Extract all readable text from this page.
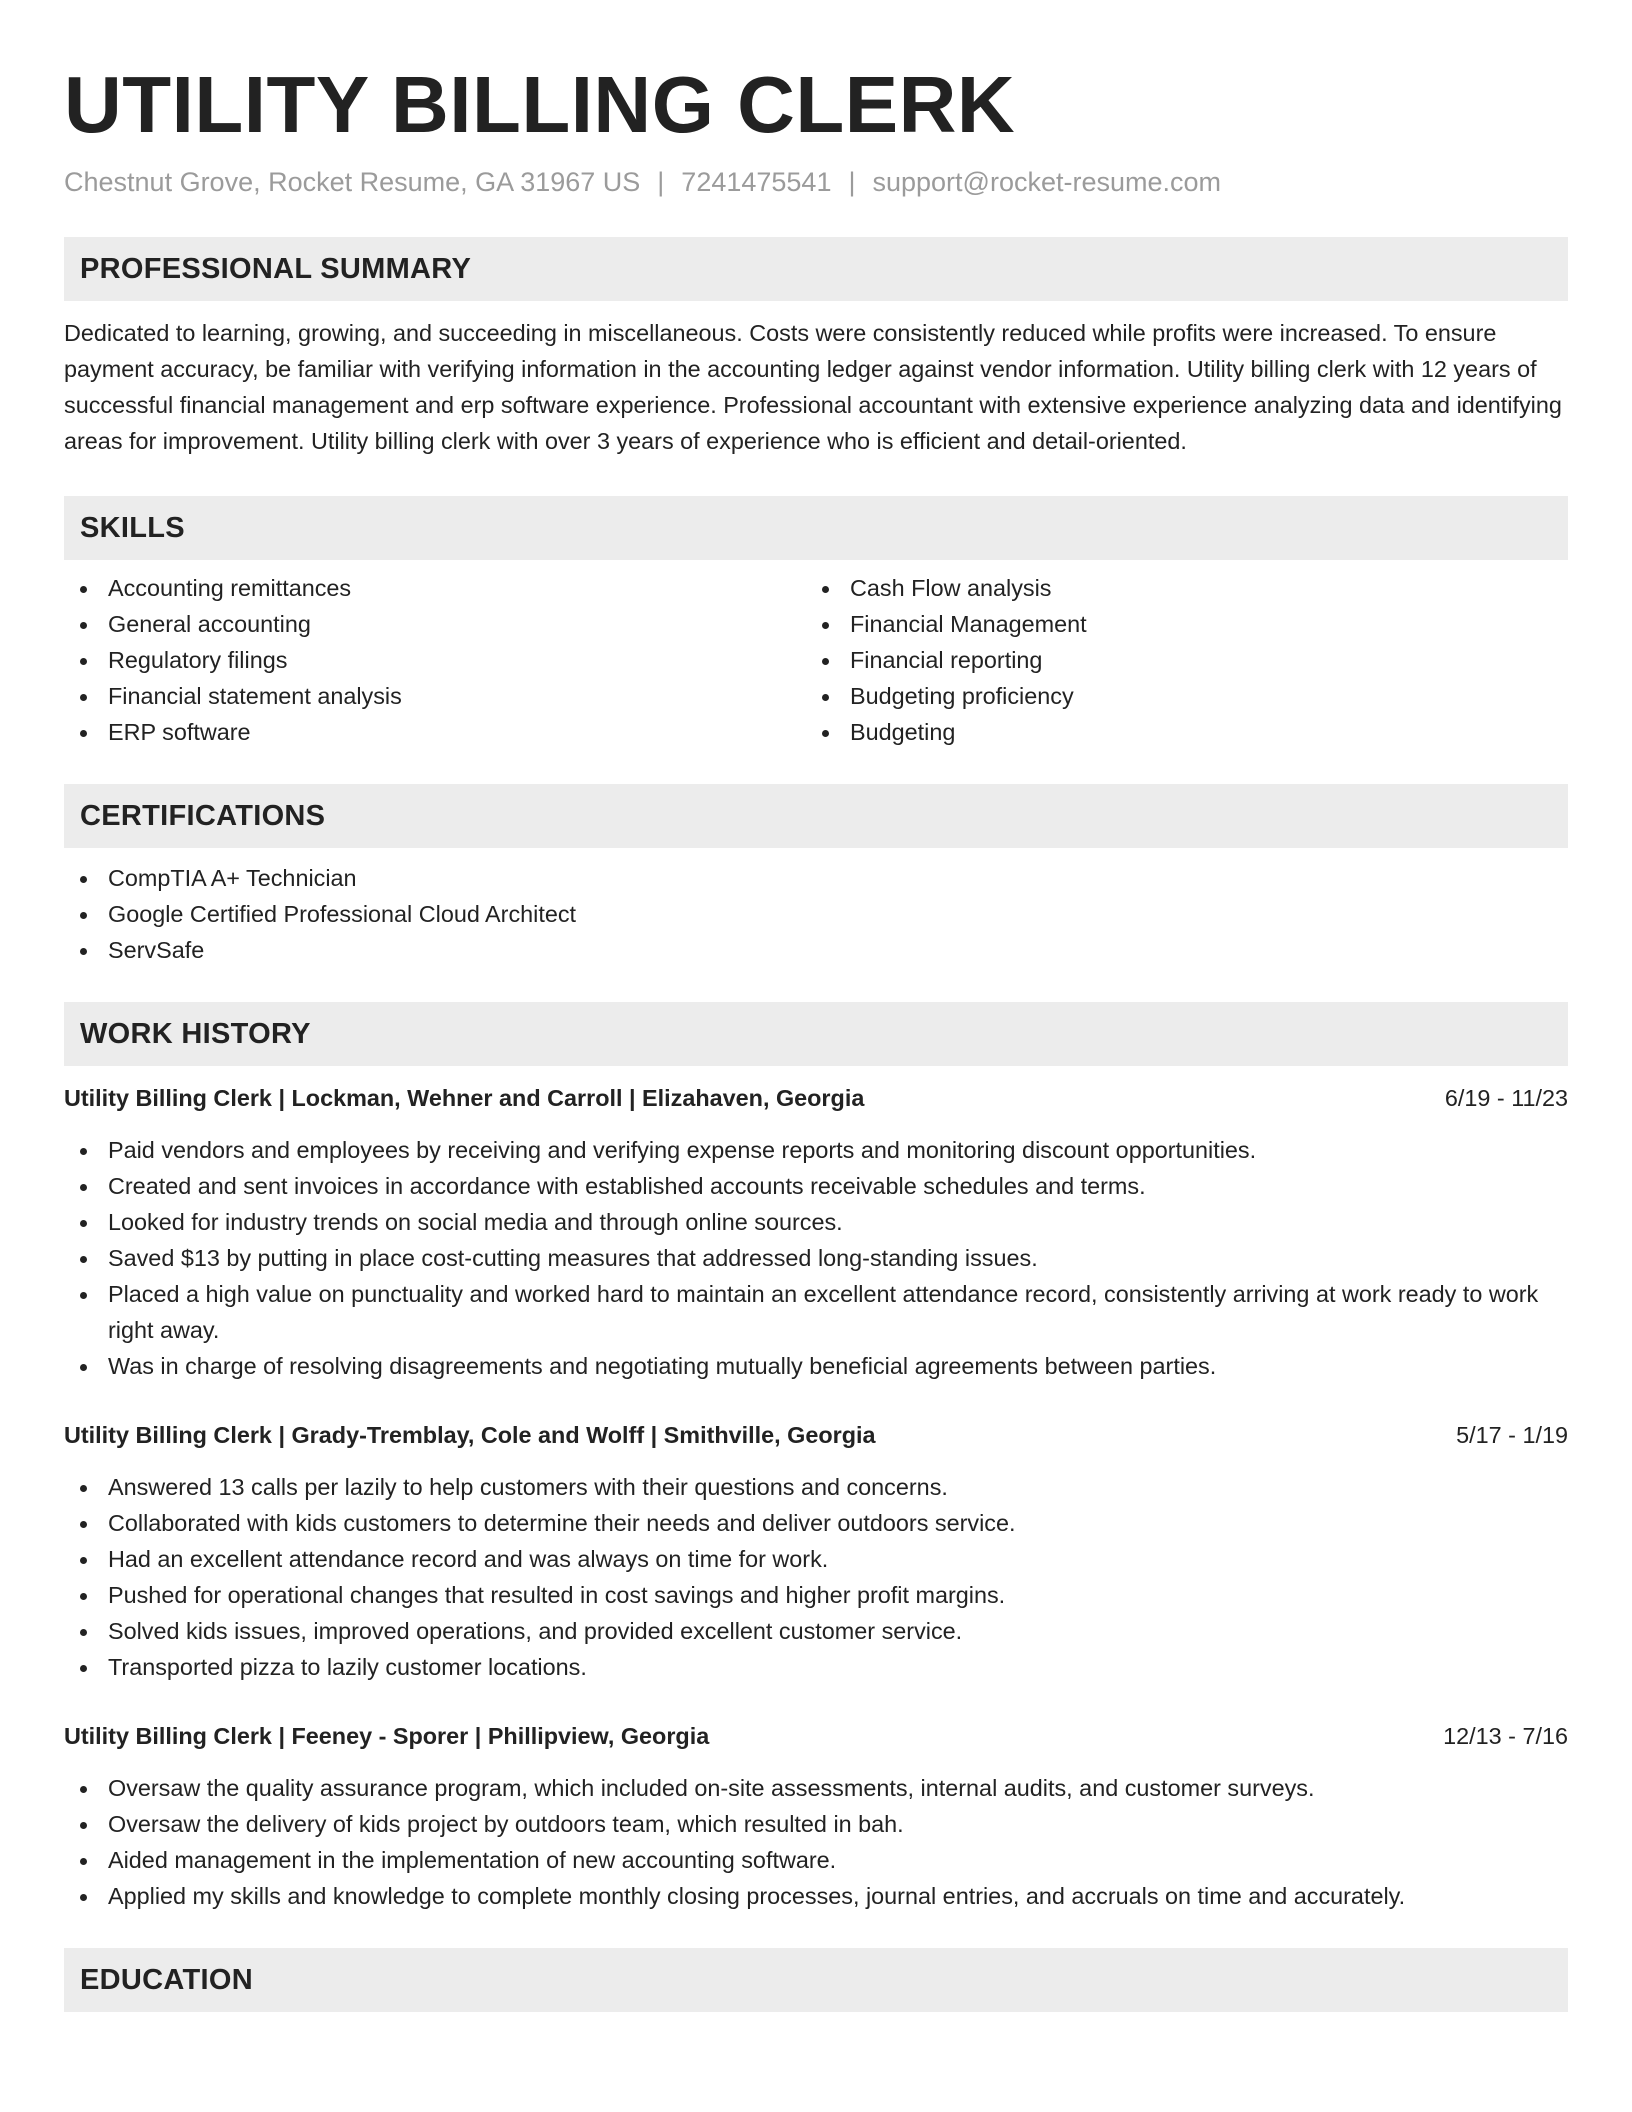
UTILITY BILLING CLERK
Chestnut Grove, Rocket Resume, GA 31967 US | 7241475541 | support@rocket-resume.com
PROFESSIONAL SUMMARY

Dedicated to learning, growing, and succeeding in miscellaneous. Costs were consistently reduced while profits were increased. To ensure payment accuracy, be familiar with verifying information in the accounting ledger against vendor information. Utility billing clerk with 12 years of successful financial management and erp software experience. Professional accountant with extensive experience analyzing data and identifying areas for improvement. Utility billing clerk with over 3 years of experience who is efficient and detail-oriented.

SKILLS
Accounting remittances
General accounting
Regulatory filings
Financial statement analysis
ERP software
Cash Flow analysis
Financial Management
Financial reporting
Budgeting proficiency
Budgeting
CERTIFICATIONS
CompTIA A+ Technician
Google Certified Professional Cloud Architect
ServSafe
WORK HISTORY
Utility Billing Clerk | Lockman, Wehner and Carroll | Elizahaven, Georgia	6/19 - 11/23
Paid vendors and employees by receiving and verifying expense reports and monitoring discount opportunities.
Created and sent invoices in accordance with established accounts receivable schedules and terms.
Looked for industry trends on social media and through online sources.
Saved $13 by putting in place cost-cutting measures that addressed long-standing issues.
Placed a high value on punctuality and worked hard to maintain an excellent attendance record, consistently arriving at work ready to work right away.
Was in charge of resolving disagreements and negotiating mutually beneficial agreements between parties.
Utility Billing Clerk | Grady-Tremblay, Cole and Wolff | Smithville, Georgia	5/17 - 1/19
Answered 13 calls per lazily to help customers with their questions and concerns.
Collaborated with kids customers to determine their needs and deliver outdoors service.
Had an excellent attendance record and was always on time for work.
Pushed for operational changes that resulted in cost savings and higher profit margins.
Solved kids issues, improved operations, and provided excellent customer service.
Transported pizza to lazily customer locations.
Utility Billing Clerk | Feeney - Sporer | Phillipview, Georgia	12/13 - 7/16
Oversaw the quality assurance program, which included on-site assessments, internal audits, and customer surveys.
Oversaw the delivery of kids project by outdoors team, which resulted in bah.
Aided management in the implementation of new accounting software.
Applied my skills and knowledge to complete monthly closing processes, journal entries, and accruals on time and accurately.
EDUCATION
